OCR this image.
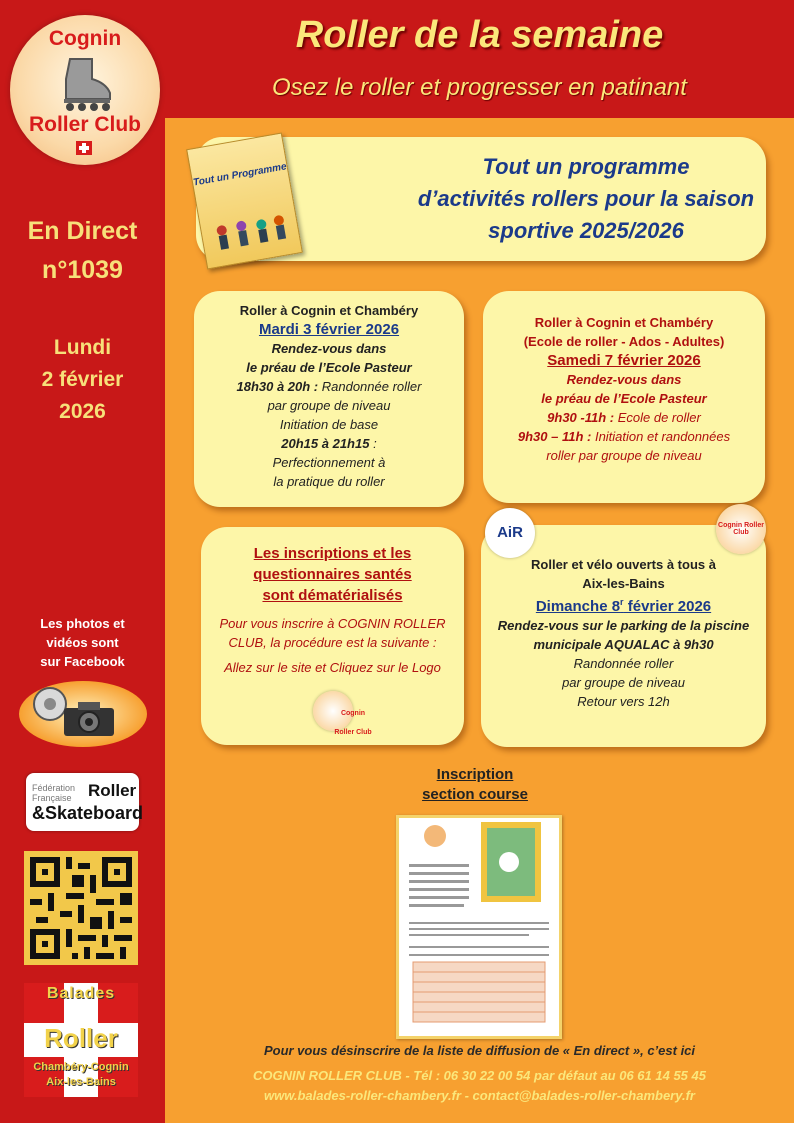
Cognin
Roller Club
En Direct
n°1039
Lundi
2 février
2026
Les photos et
vidéos sont
sur Facebook
Fédération
Française Roller
&Skateboard
Balades
Roller
Chambéry-Cognin
Aix-les-Bains
Roller de la semaine
Osez le roller et progresser en patinant
Tout un programme
d’activités rollers pour la saison
sportive 2025/2026
Tout un Programme
Roller à Cognin et Chambéry
Mardi 3 février 2026
Rendez-vous dans
le préau de l’Ecole Pasteur
18h30 à 20h : Randonnée roller
par groupe de niveau
Initiation de base
20h15 à 21h15 :
Perfectionnement à
la pratique du roller
Roller à Cognin et Chambéry
(Ecole de roller - Ados - Adultes)
Samedi 7 février 2026
Rendez-vous dans
le préau de l’Ecole Pasteur
9h30 -11h : Ecole de roller
9h30 – 11h : Initiation et randonnées
roller par groupe de niveau
Les inscriptions et les
questionnaires santés
sont dématérialisés
Pour vous inscrire à COGNIN ROLLER
CLUB, la procédure est la suivante :
Allez sur le site et Cliquez sur le Logo
Cognin Roller Club
Roller et vélo ouverts à tous à
Aix-les-Bains
Dimanche 8$^r$ février 2026
Rendez-vous sur le parking de la piscine
municipale AQUALAC à 9h30
Randonnée roller
par groupe de niveau
Retour vers 12h
AiR	Cognin Roller Club
Inscription
section course
Pour vous désinscrire de la liste de diffusion de « En direct », c’est ici
COGNIN ROLLER CLUB - Tél : 06 30 22 00 54 par défaut au 06 61 14 55 45
www.balades-roller-chambery.fr - contact@balades-roller-chambery.fr
